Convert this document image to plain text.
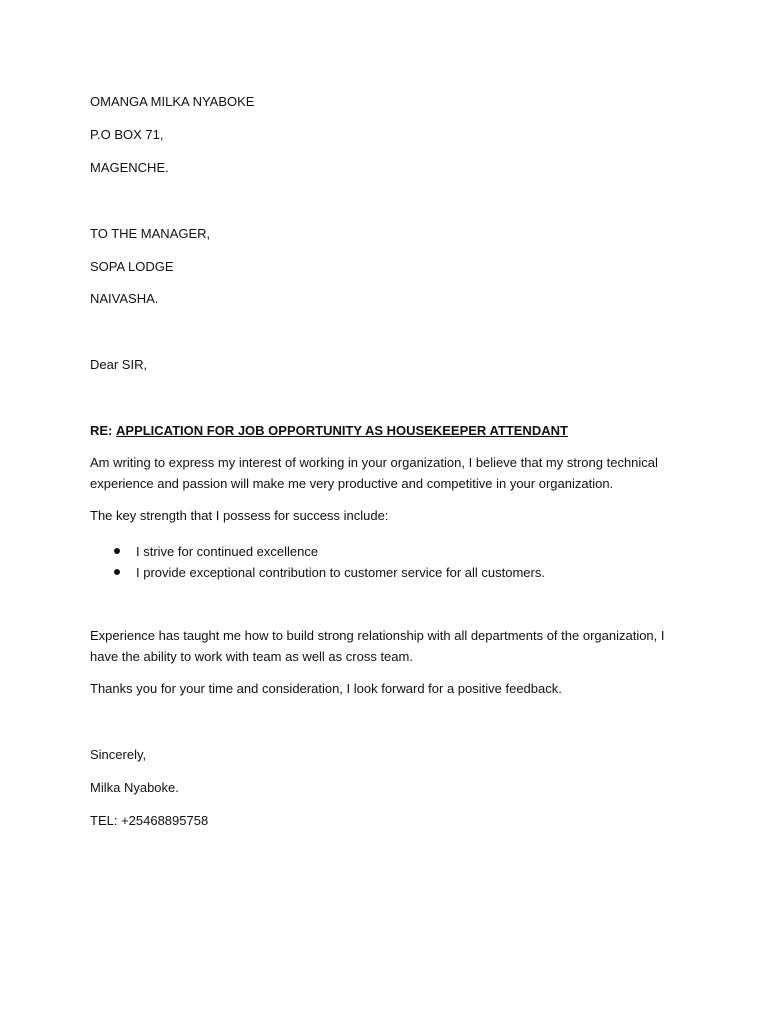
OMANGA MILKA NYABOKE
P.O BOX 71,
MAGENCHE.
TO THE MANAGER,
SOPA LODGE
NAIVASHA.
Dear SIR,
RE: APPLICATION FOR JOB OPPORTUNITY AS HOUSEKEEPER ATTENDANT
Am writing to express my interest of working in your organization, I believe that my strong technical experience and passion will make me very productive and competitive in your organization.
The key strength that I possess for success include:
I strive for continued excellence
I provide exceptional contribution to customer service for all customers.
Experience has taught me how to build strong relationship with all departments of the organization, I have the ability to work with team as well as cross team.
Thanks you for your time and consideration, I look forward for a positive feedback.
Sincerely,
Milka Nyaboke.
TEL: +25468895758
